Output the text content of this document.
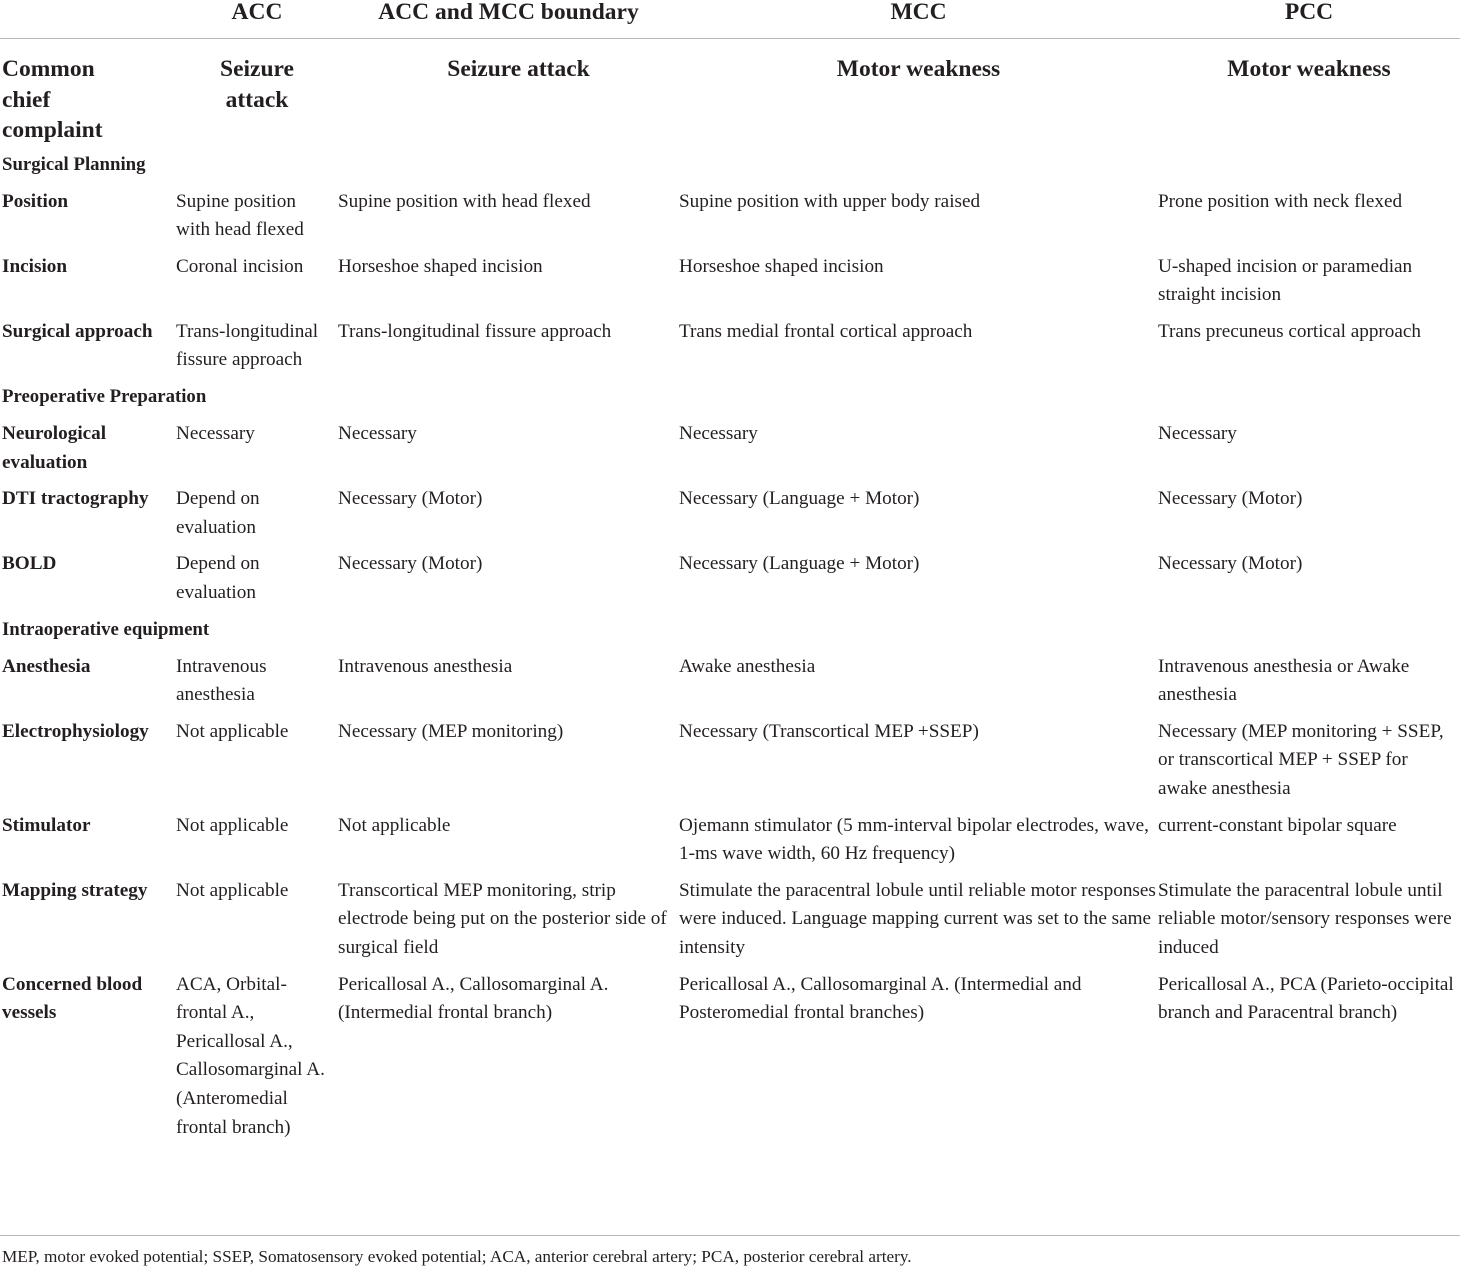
	ACC	ACC and MCC boundary	MCC	PCC
Common chief complaint	Seizure attack	Seizure attack	Motor weakness	Motor weakness
Surgical Planning				
Position	Supine position with head flexed	Supine position with head flexed	Supine position with upper body raised	Prone position with neck flexed
Incision	Coronal incision	Horseshoe shaped incision	Horseshoe shaped incision	U-shaped incision or paramedian straight incision
Surgical approach	Trans-longitudinal fissure approach	Trans-longitudinal fissure approach	Trans medial frontal cortical approach	Trans precuneus cortical approach
Preoperative Preparation				
Neurological evaluation	Necessary	Necessary	Necessary	Necessary
DTI tractography	Depend on evaluation	Necessary (Motor)	Necessary (Language + Motor)	Necessary (Motor)
BOLD	Depend on evaluation	Necessary (Motor)	Necessary (Language + Motor)	Necessary (Motor)
Intraoperative equipment				
Anesthesia	Intravenous anesthesia	Intravenous anesthesia	Awake anesthesia	Intravenous anesthesia or Awake anesthesia
Electrophysiology	Not applicable	Necessary (MEP monitoring)	Necessary (Transcortical MEP +SSEP)	Necessary (MEP monitoring + SSEP, or transcortical MEP + SSEP for awake anesthesia
Stimulator	Not applicable	Not applicable	Ojemann stimulator (5 mm-interval bipolar electrodes, wave, 1-ms wave width, 60 Hz frequency)	current-constant bipolar square
Mapping strategy	Not applicable	Transcortical MEP monitoring, strip electrode being put on the posterior side of surgical field	Stimulate the paracentral lobule until reliable motor responses were induced. Language mapping current was set to the same intensity	Stimulate the paracentral lobule until reliable motor/sensory responses were induced
Concerned blood vessels	ACA, Orbital-frontal A., Pericallosal A., Callosomarginal A. (Anteromedial frontal branch)	Pericallosal A., Callosomarginal A. (Intermedial frontal branch)	Pericallosal A., Callosomarginal A. (Intermedial and Posteromedial frontal branches)	Pericallosal A., PCA (Parieto-occipital branch and Paracentral branch)
MEP, motor evoked potential; SSEP, Somatosensory evoked potential; ACA, anterior cerebral artery; PCA, posterior cerebral artery.
